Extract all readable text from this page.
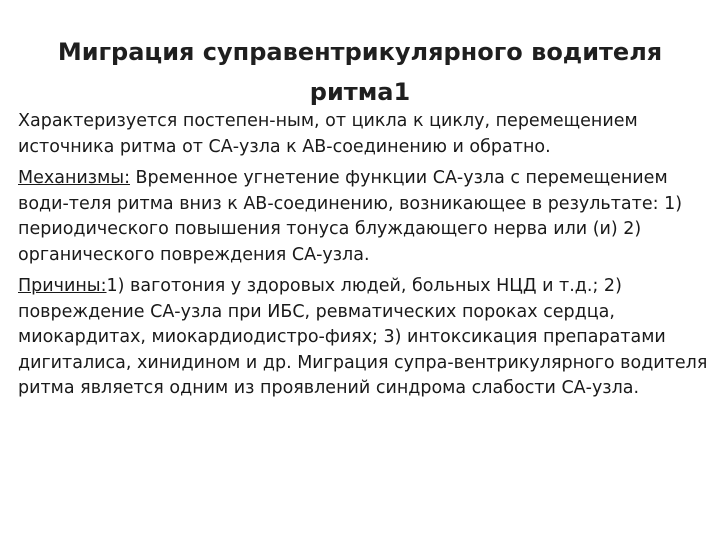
Миграция суправентрикулярного водителя
ритма1

Характеризуется постепен-ным, от цикла к циклу, перемещением источника ритма от СА-узла к АВ-соединению и обратно.

Механизмы: Временное угнетение функции СА-узла с перемещением води-теля ритма вниз к АВ-соединению, возникающее в результате: 1) периодического повышения тонуса блуждающего нерва или (и) 2) органического повреждения СА-узла.

Причины:1) ваготония у здоровых людей, больных НЦД и т.д.; 2) повреждение СА-узла при ИБС, ревматических пороках сердца, миокардитах, миокардиодистро-фиях; 3) интоксикация препаратами дигиталиса, хинидином и др. Миграция супра-вентрикулярного водителя ритма является одним из проявлений синдрома слабости СА-узла.
